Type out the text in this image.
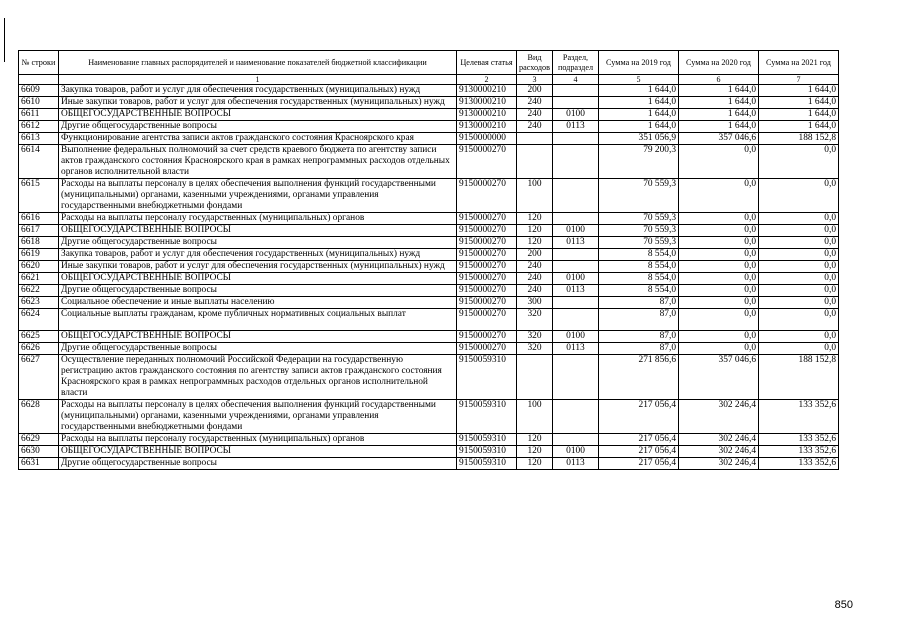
№ строки	Наименование главных распорядителей и наименование показателей бюджетной классификации	Целевая статья	Вид расходов	Раздел, подраздел	Сумма на 2019 год	Сумма на 2020 год	Сумма на 2021 год
	1	2	3	4	5	6	7
6609	Закупка товаров, работ и услуг для обеспечения государственных (муниципальных) нужд	9130000210	200		1 644,0	1 644,0	1 644,0
6610	Иные закупки товаров, работ и услуг для обеспечения государственных (муниципальных) нужд	9130000210	240		1 644,0	1 644,0	1 644,0
6611	ОБЩЕГОСУДАРСТВЕННЫЕ ВОПРОСЫ	9130000210	240	0100	1 644,0	1 644,0	1 644,0
6612	Другие общегосударственные вопросы	9130000210	240	0113	1 644,0	1 644,0	1 644,0
6613	Функционирование агентства записи актов гражданского состояния Красноярского края	9150000000			351 056,9	357 046,6	188 152,8
6614	Выполнение федеральных полномочий за счет средств краевого бюджета по агентству записи актов гражданского состояния Красноярского края в рамках непрограммных расходов отдельных органов исполнительной власти	9150000270			79 200,3	0,0	0,0
6615	Расходы на выплаты персоналу в целях обеспечения выполнения функций государственными (муниципальными) органами, казенными учреждениями, органами управления государственными внебюджетными фондами	9150000270	100		70 559,3	0,0	0,0
6616	Расходы на выплаты персоналу государственных (муниципальных) органов	9150000270	120		70 559,3	0,0	0,0
6617	ОБЩЕГОСУДАРСТВЕННЫЕ ВОПРОСЫ	9150000270	120	0100	70 559,3	0,0	0,0
6618	Другие общегосударственные вопросы	9150000270	120	0113	70 559,3	0,0	0,0
6619	Закупка товаров, работ и услуг для обеспечения государственных (муниципальных) нужд	9150000270	200		8 554,0	0,0	0,0
6620	Иные закупки товаров, работ и услуг для обеспечения государственных (муниципальных) нужд	9150000270	240		8 554,0	0,0	0,0
6621	ОБЩЕГОСУДАРСТВЕННЫЕ ВОПРОСЫ	9150000270	240	0100	8 554,0	0,0	0,0
6622	Другие общегосударственные вопросы	9150000270	240	0113	8 554,0	0,0	0,0
6623	Социальное обеспечение и иные выплаты населению	9150000270	300		87,0	0,0	0,0
6624	Социальные выплаты гражданам, кроме публичных нормативных социальных выплат	9150000270	320		87,0	0,0	0,0
6625	ОБЩЕГОСУДАРСТВЕННЫЕ ВОПРОСЫ	9150000270	320	0100	87,0	0,0	0,0
6626	Другие общегосударственные вопросы	9150000270	320	0113	87,0	0,0	0,0
6627	Осуществление переданных полномочий Российской Федерации на государственную регистрацию актов гражданского состояния по агентству записи актов гражданского состояния Красноярского края в рамках непрограммных расходов отдельных органов исполнительной власти	9150059310			271 856,6	357 046,6	188 152,8
6628	Расходы на выплаты персоналу в целях обеспечения выполнения функций государственными (муниципальными) органами, казенными учреждениями, органами управления государственными внебюджетными фондами	9150059310	100		217 056,4	302 246,4	133 352,6
6629	Расходы на выплаты персоналу государственных (муниципальных) органов	9150059310	120		217 056,4	302 246,4	133 352,6
6630	ОБЩЕГОСУДАРСТВЕННЫЕ ВОПРОСЫ	9150059310	120	0100	217 056,4	302 246,4	133 352,6
6631	Другие общегосударственные вопросы	9150059310	120	0113	217 056,4	302 246,4	133 352,6
850
